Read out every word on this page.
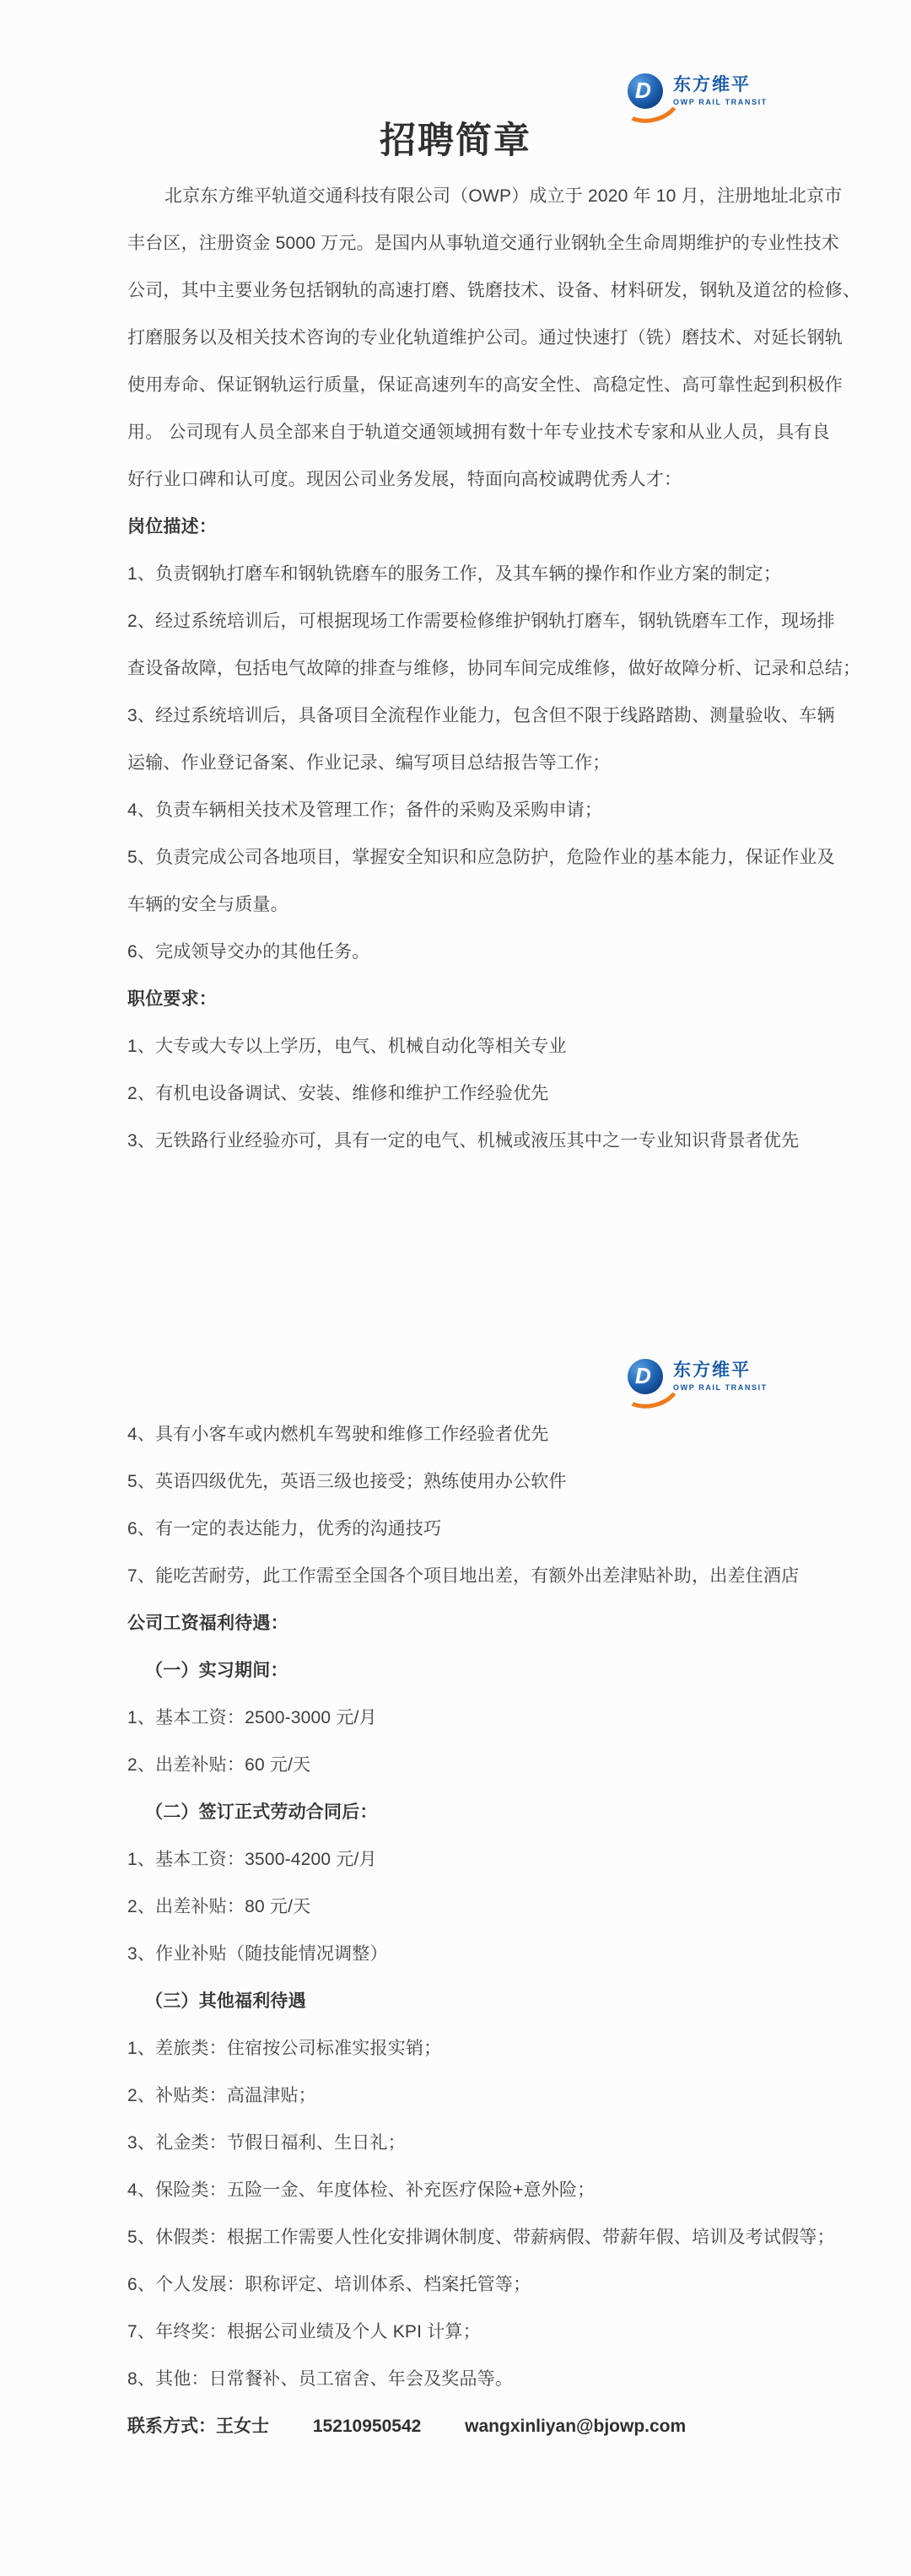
D 东方维平
OWP RAIL TRANSIT
招聘简章
北京东方维平轨道交通科技有限公司（OWP）成立于 2020 年 10 月，注册地址北京市
丰台区，注册资金 5000 万元。是国内从事轨道交通行业钢轨全生命周期维护的专业性技术
公司，其中主要业务包括钢轨的高速打磨、铣磨技术、设备、材料研发，钢轨及道岔的检修、
打磨服务以及相关技术咨询的专业化轨道维护公司。通过快速打（铣）磨技术、对延长钢轨
使用寿命、保证钢轨运行质量，保证高速列车的高安全性、高稳定性、高可靠性起到积极作
用。 公司现有人员全部来自于轨道交通领域拥有数十年专业技术专家和从业人员，具有良
好行业口碑和认可度。现因公司业务发展，特面向高校诚聘优秀人才：
岗位描述：
1、负责钢轨打磨车和钢轨铣磨车的服务工作，及其车辆的操作和作业方案的制定；
2、经过系统培训后，可根据现场工作需要检修维护钢轨打磨车，钢轨铣磨车工作，现场排
查设备故障，包括电气故障的排查与维修，协同车间完成维修，做好故障分析、记录和总结；
3、经过系统培训后，具备项目全流程作业能力，包含但不限于线路踏勘、测量验收、车辆
运输、作业登记备案、作业记录、编写项目总结报告等工作；
4、负责车辆相关技术及管理工作；备件的采购及采购申请；
5、负责完成公司各地项目，掌握安全知识和应急防护，危险作业的基本能力，保证作业及
车辆的安全与质量。
6、完成领导交办的其他任务。
职位要求：
1、大专或大专以上学历，电气、机械自动化等相关专业
2、有机电设备调试、安装、维修和维护工作经验优先
3、无铁路行业经验亦可，具有一定的电气、机械或液压其中之一专业知识背景者优先
D 东方维平
OWP RAIL TRANSIT
4、具有小客车或内燃机车驾驶和维修工作经验者优先
5、英语四级优先，英语三级也接受；熟练使用办公软件
6、有一定的表达能力，优秀的沟通技巧
7、能吃苦耐劳，此工作需至全国各个项目地出差，有额外出差津贴补助，出差住酒店
公司工资福利待遇：
（一）实习期间：
1、基本工资：2500-3000 元/月
2、出差补贴：60 元/天
（二）签订正式劳动合同后：
1、基本工资：3500-4200 元/月
2、出差补贴：80 元/天
3、作业补贴（随技能情况调整）
（三）其他福利待遇
1、差旅类：住宿按公司标准实报实销；
2、补贴类：高温津贴；
3、礼金类：节假日福利、生日礼；
4、保险类：五险一金、年度体检、补充医疗保险+意外险；
5、休假类：根据工作需要人性化安排调休制度、带薪病假、带薪年假、培训及考试假等；
6、个人发展：职称评定、培训体系、档案托管等；
7、年终奖：根据公司业绩及个人 KPI 计算；
8、其他：日常餐补、员工宿舍、年会及奖品等。
联系方式：王女士 15210950542 wangxinliyan@bjowp.com
